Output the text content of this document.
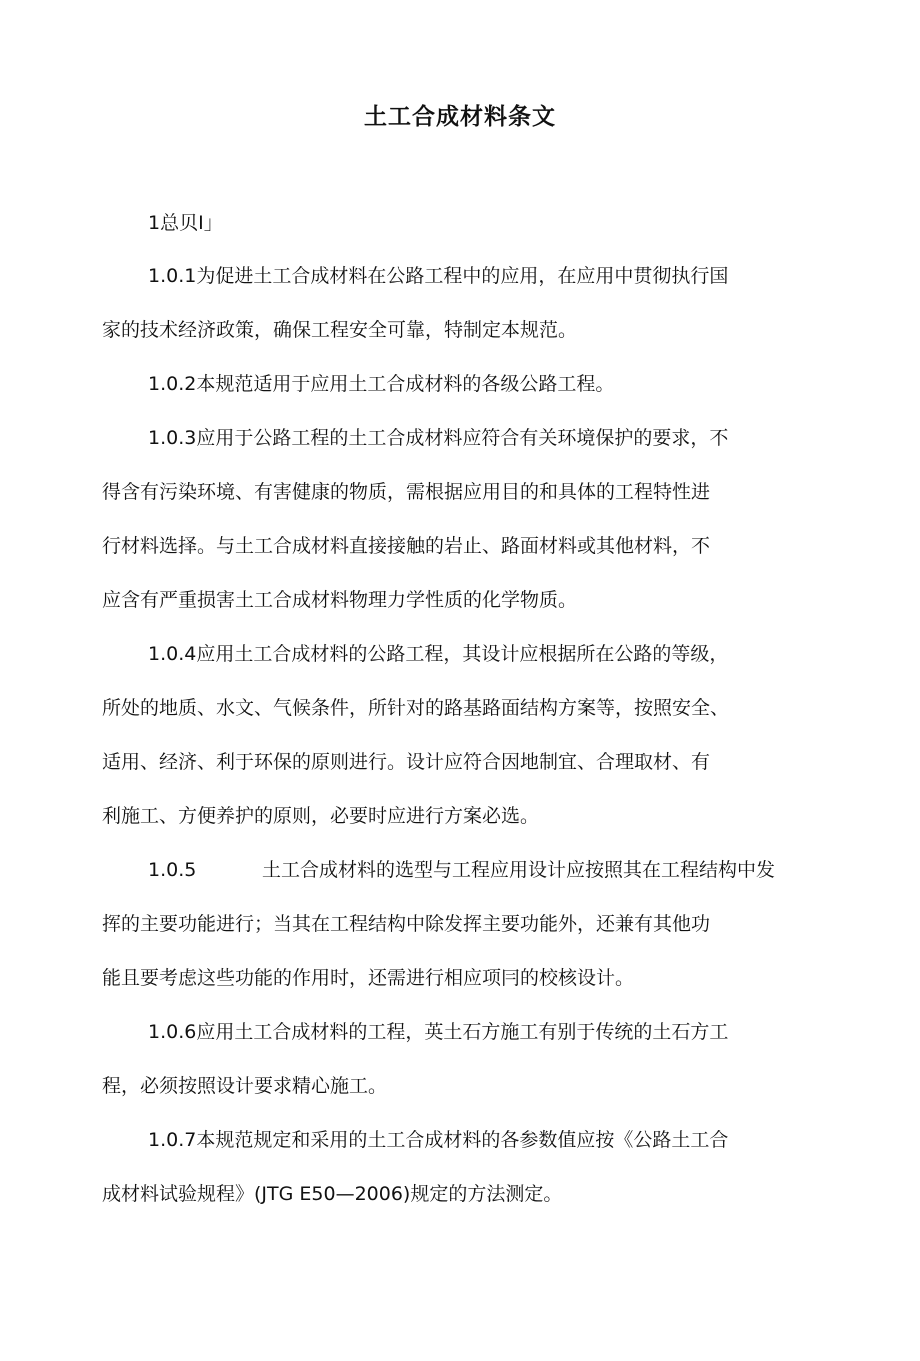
土工合成材料条文
1总贝I」
1.0.1为促进土工合成材料在公路工程中的应用，在应用中贯彻执行国
家的技术经济政策，确保工程安全可靠，特制定本规范。
1.0.2本规范适用于应用土工合成材料的各级公路工程。
1.0.3应用于公路工程的土工合成材料应符合有关环境保护的要求，不
得含有污染环境、有害健康的物质，需根据应用目的和具体的工程特性进
行材料选择。与土工合成材料直接接触的岩止、路面材料或其他材料，不
应含有严重损害土工合成材料物理力学性质的化学物质。
1.0.4应用土工合成材料的公路工程，其设计应根据所在公路的等级，
所处的地质、水文、气候条件，所针对的路基路面结构方案等，按照安全、
适用、经济、利于环保的原则进行。设计应符合因地制宜、合理取材、有
利施工、方便养护的原则，必要时应进行方案必选。
1.0.5	土工合成材料的选型与工程应用设计应按照其在工程结构中发
挥的主要功能进行；当其在工程结构中除发挥主要功能外，还兼有其他功
能且要考虑这些功能的作用时，还需进行相应项冃的校核设计。
1.0.6应用土工合成材料的工程，英土石方施工有别于传统的土石方工
程，必须按照设计要求精心施工。
1.0.7本规范规定和采用的土工合成材料的各参数值应按《公路土工合
成材料试验规程》(JTG E50—2006)规定的方法测定。
